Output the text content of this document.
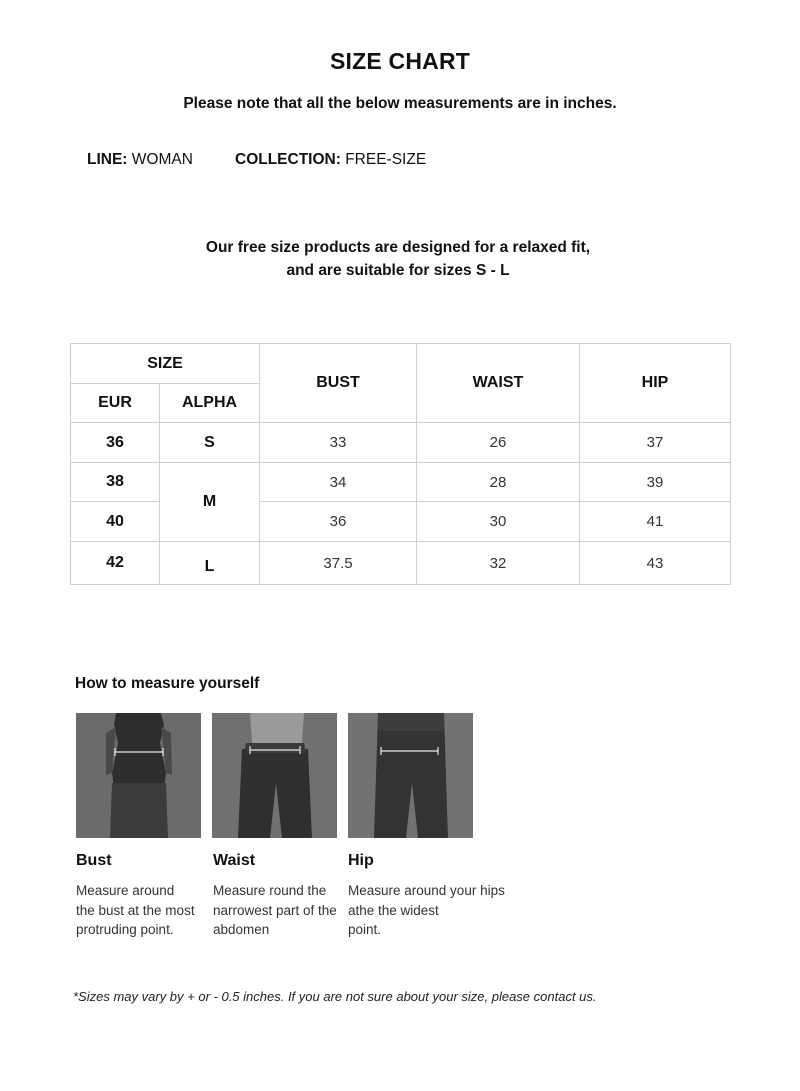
SIZE CHART
Please note that all the below measurements are in inches.
LINE: WOMAN	COLLECTION: FREE-SIZE
Our free size products are designed for a relaxed fit,
and are suitable for sizes S - L
SIZE		BUST	WAIST	HIP
EUR	ALPHA			
36	S	33	26	37
38	M	34	28	39
40		36	30	41
42	L	37.5	32	43
How to measure yourself
Bust	Waist	Hip
Measure around
the bust at the most
protruding point.
Measure round the
narrowest part of the
abdomen
Measure around your hips
athe the widest
point.
*Sizes may vary by + or - 0.5 inches. If you are not sure about your size, please contact us.
